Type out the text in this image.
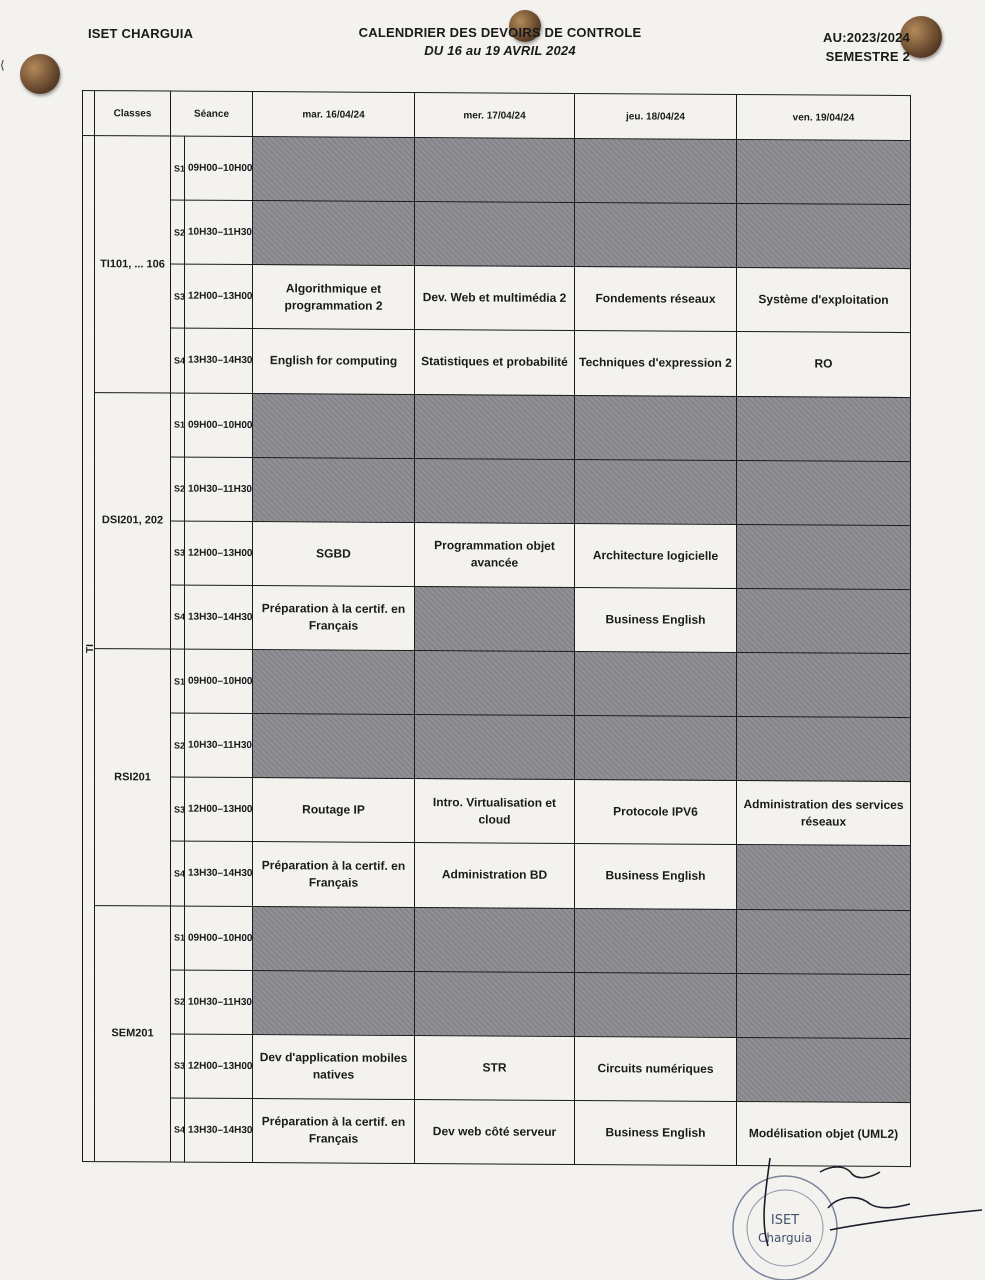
⟨
ISET CHARGUIA	CALENDRIER DES DEVOIRS DE CONTROLE
DU 16 au 19 AVRIL 2024
AU:2023/2024
SEMESTRE 2
	Classes	Séance		mar. 16/04/24	mer. 17/04/24	jeu. 18/04/24	ven. 19/04/24
TI	TI101, ... 106	S1	09H00–10H00				
		S2	10H30–11H30				
		S3	12H00–13H00	Algorithmique et programmation 2	Dev. Web et multimédia 2	Fondements réseaux	Système d'exploitation
		S4	13H30–14H30	English for computing	Statistiques et probabilité	Techniques d'expression 2	RO
	DSI201, 202	S1	09H00–10H00				
		S2	10H30–11H30				
		S3	12H00–13H00	SGBD	Programmation objet avancée	Architecture logicielle	
		S4	13H30–14H30	Préparation à la certif. en Français		Business English	
	RSI201	S1	09H00–10H00				
		S2	10H30–11H30				
		S3	12H00–13H00	Routage IP	Intro. Virtualisation et cloud	Protocole IPV6	Administration des services réseaux
		S4	13H30–14H30	Préparation à la certif. en Français	Administration BD	Business English	
	SEM201	S1	09H00–10H00				
		S2	10H30–11H30				
		S3	12H00–13H00	Dev d'application mobiles natives	STR	Circuits numériques	
		S4	13H30–14H30	Préparation à la certif. en Français	Dev web côté serveur	Business English	Modélisation objet (UML2)
ISET
Charguia
